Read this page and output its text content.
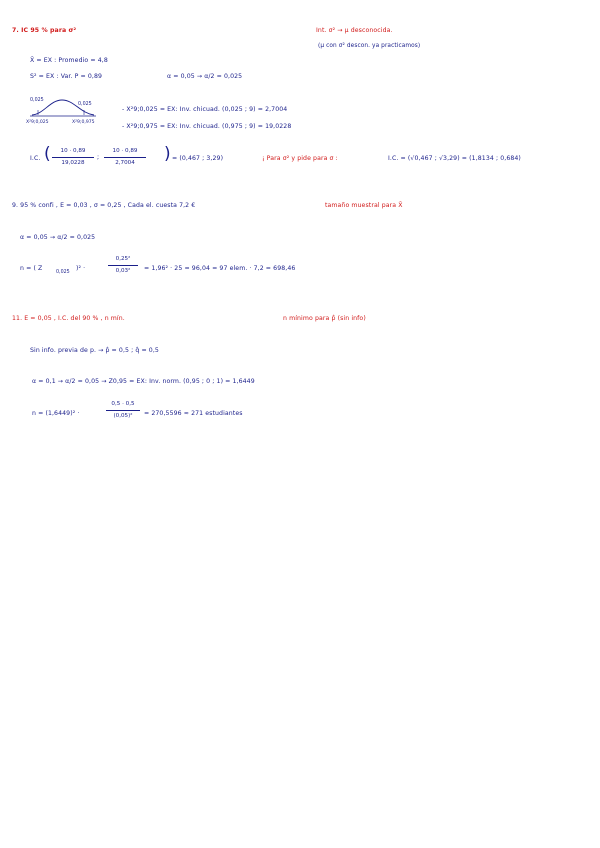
7. IC 95 % para σ²	Int. σ² → μ desconocida.
(μ con σ² descon. ya practicamos)
X̄ = EX : Promedio = 4,8
S² = EX : Var. P = 0,89	α = 0,05 → α/2 = 0,025
0,025
0,025
X²9;0,025	X²9;0,975
- X²9;0,025 = EX: Inv. chicuad. (0,025 ; 9) = 2,7004
- X²9;0,975 = EX: Inv. chicuad. (0,975 ; 9) = 19,0228
I.C. (	10 · 0,89
19,0228
;
10 · 0,89
2,7004	) = (0,467 ; 3,29)	¡ Para σ² y pide para σ :	I.C. = (√0,467 ; √3,29) = (1,8134 ; 0,684)
9. 95 % confi , E = 0,03 , σ = 0,25 , Cada el. cuesta 7,2 €	tamaño muestral para X̄
α = 0,05 → α/2 = 0,025
n = ( Z
0,025
)² ·
0,25²
0,03²	= 1,96² · 25 = 96,04 = 97 elem. · 7,2 = 698,46
11. E = 0,05 , I.C. del 90 % , n mín.	n mínimo para p̂ (sin info)
Sin info. previa de p. → p̂ = 0,5 ; q̂ = 0,5
α = 0,1 → α/2 = 0,05 → Z0,95 = EX: Inv. norm. (0,95 ; 0 ; 1) = 1,6449
n = (1,6449)² ·
0,5 · 0,5
(0,05)²	= 270,5596 ≈ 271 estudiantes
